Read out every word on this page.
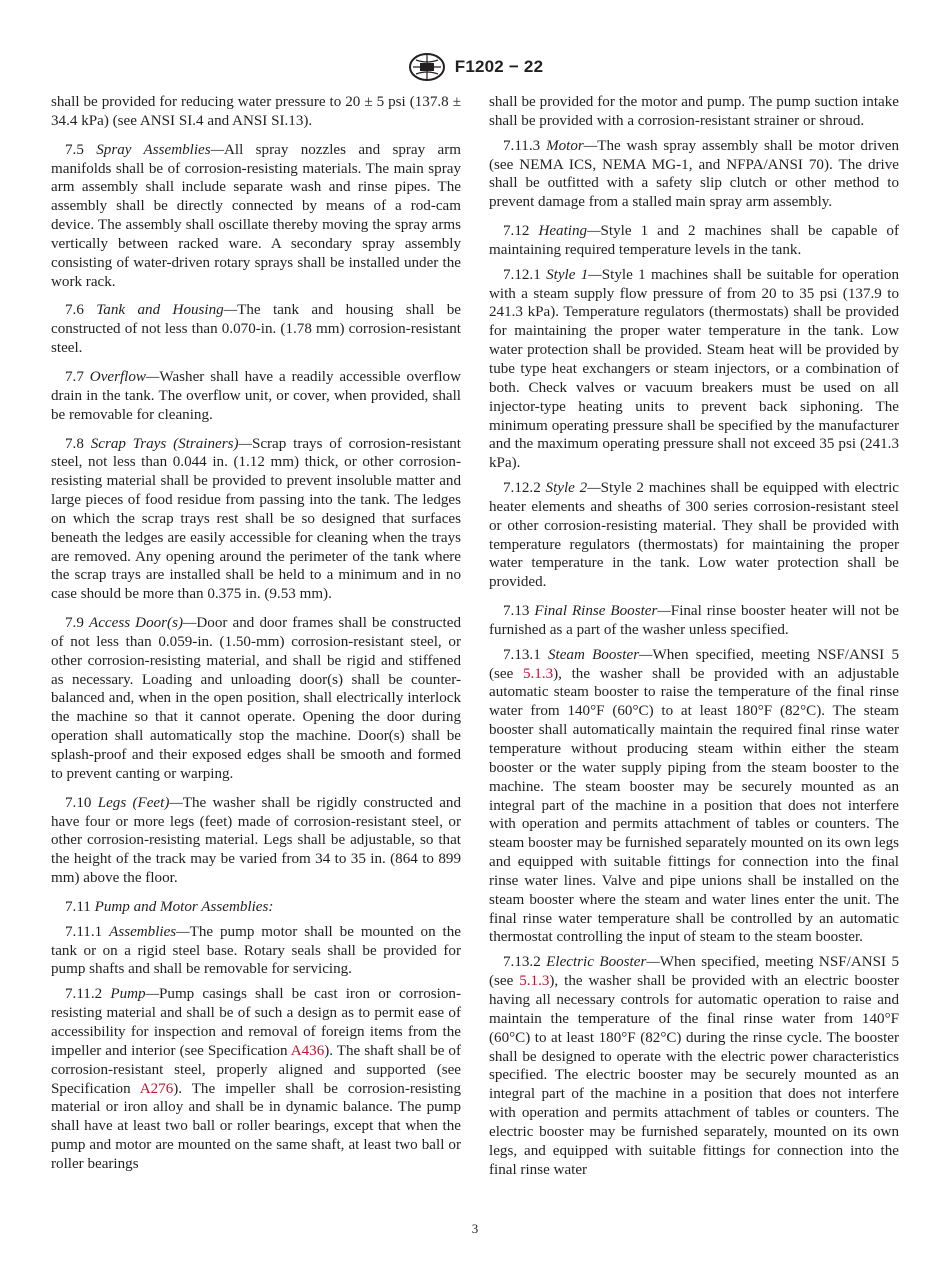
F1202 − 22

shall be provided for reducing water pressure to 20 ± 5 psi (137.8 ± 34.4 kPa) (see ANSI SI.4 and ANSI SI.13).

7.5 Spray Assemblies—All spray nozzles and spray arm manifolds shall be of corrosion-resisting materials. The main spray arm assembly shall include separate wash and rinse pipes. The assembly shall be directly connected by means of a rod-cam device. The assembly shall oscillate thereby moving the spray arms vertically between racked ware. A secondary spray assembly consisting of water-driven rotary sprays shall be installed under the work rack.

7.6 Tank and Housing—The tank and housing shall be constructed of not less than 0.070-in. (1.78 mm) corrosion-resistant steel.

7.7 Overflow—Washer shall have a readily accessible overflow drain in the tank. The overflow unit, or cover, when provided, shall be removable for cleaning.

7.8 Scrap Trays (Strainers)—Scrap trays of corrosion-resistant steel, not less than 0.044 in. (1.12 mm) thick, or other corrosion-resisting material shall be provided to prevent insoluble matter and large pieces of food residue from passing into the tank. The ledges on which the scrap trays rest shall be so designed that surfaces beneath the ledges are easily accessible for cleaning when the trays are removed. Any opening around the perimeter of the tank where the scrap trays are installed shall be held to a minimum and in no case should be more than 0.375 in. (9.53 mm).

7.9 Access Door(s)—Door and door frames shall be constructed of not less than 0.059-in. (1.50-mm) corrosion-resistant steel, or other corrosion-resisting material, and shall be rigid and stiffened as necessary. Loading and unloading door(s) shall be counter-balanced and, when in the open position, shall electrically interlock the machine so that it cannot operate. Opening the door during operation shall automatically stop the machine. Door(s) shall be splash-proof and their exposed edges shall be smooth and formed to prevent canting or warping.

7.10 Legs (Feet)—The washer shall be rigidly constructed and have four or more legs (feet) made of corrosion-resistant steel, or other corrosion-resisting material. Legs shall be adjustable, so that the height of the track may be varied from 34 to 35 in. (864 to 899 mm) above the floor.

7.11 Pump and Motor Assemblies:

7.11.1 Assemblies—The pump motor shall be mounted on the tank or on a rigid steel base. Rotary seals shall be provided for pump shafts and shall be removable for servicing.

7.11.2 Pump—Pump casings shall be cast iron or corrosion-resisting material and shall be of such a design as to permit ease of accessibility for inspection and removal of foreign items from the impeller and interior (see Specification A436). The shaft shall be of corrosion-resistant steel, properly aligned and supported (see Specification A276). The impeller shall be corrosion-resisting material or iron alloy and shall be in dynamic balance. The pump shall have at least two ball or roller bearings, except that when the pump and motor are mounted on the same shaft, at least two ball or roller bearings

shall be provided for the motor and pump. The pump suction intake shall be provided with a corrosion-resistant strainer or shroud.

7.11.3 Motor—The wash spray assembly shall be motor driven (see NEMA ICS, NEMA MG-1, and NFPA/ANSI 70). The drive shall be outfitted with a safety slip clutch or other method to prevent damage from a stalled main spray arm assembly.

7.12 Heating—Style 1 and 2 machines shall be capable of maintaining required temperature levels in the tank.

7.12.1 Style 1—Style 1 machines shall be suitable for operation with a steam supply flow pressure of from 20 to 35 psi (137.9 to 241.3 kPa). Temperature regulators (thermostats) shall be provided for maintaining the proper water temperature in the tank. Low water protection shall be provided. Steam heat will be provided by tube type heat exchangers or steam injectors, or a combination of both. Check valves or vacuum breakers must be used on all injector-type heating units to prevent back siphoning. The minimum operating pressure shall be specified by the manufacturer and the maximum operating pressure shall not exceed 35 psi (241.3 kPa).

7.12.2 Style 2—Style 2 machines shall be equipped with electric heater elements and sheaths of 300 series corrosion-resistant steel or other corrosion-resisting material. They shall be provided with temperature regulators (thermostats) for maintaining the proper water temperature in the tank. Low water protection shall be provided.

7.13 Final Rinse Booster—Final rinse booster heater will not be furnished as a part of the washer unless specified.

7.13.1 Steam Booster—When specified, meeting NSF/ANSI 5 (see 5.1.3), the washer shall be provided with an adjustable automatic steam booster to raise the temperature of the final rinse water from 140°F (60°C) to at least 180°F (82°C). The steam booster shall automatically maintain the required final rinse water temperature without producing steam within either the steam booster or the water supply piping from the steam booster to the machine. The steam booster may be securely mounted as an integral part of the machine in a position that does not interfere with operation and permits attachment of tables or counters. The steam booster may be furnished separately mounted on its own legs and equipped with suitable fittings for connection into the final rinse water lines. Valve and pipe unions shall be installed on the steam booster where the steam and water lines enter the unit. The final rinse water temperature shall be controlled by an automatic thermostat controlling the input of steam to the steam booster.

7.13.2 Electric Booster—When specified, meeting NSF/ANSI 5 (see 5.1.3), the washer shall be provided with an electric booster having all necessary controls for automatic operation to raise and maintain the temperature of the final rinse water from 140°F (60°C) to at least 180°F (82°C) during the rinse cycle. The booster shall be designed to operate with the electric power characteristics specified. The electric booster may be securely mounted as an integral part of the machine in a position that does not interfere with operation and permits attachment of tables or counters. The electric booster may be furnished separately, mounted on its own legs, and equipped with suitable fittings for connection into the final rinse water

3
